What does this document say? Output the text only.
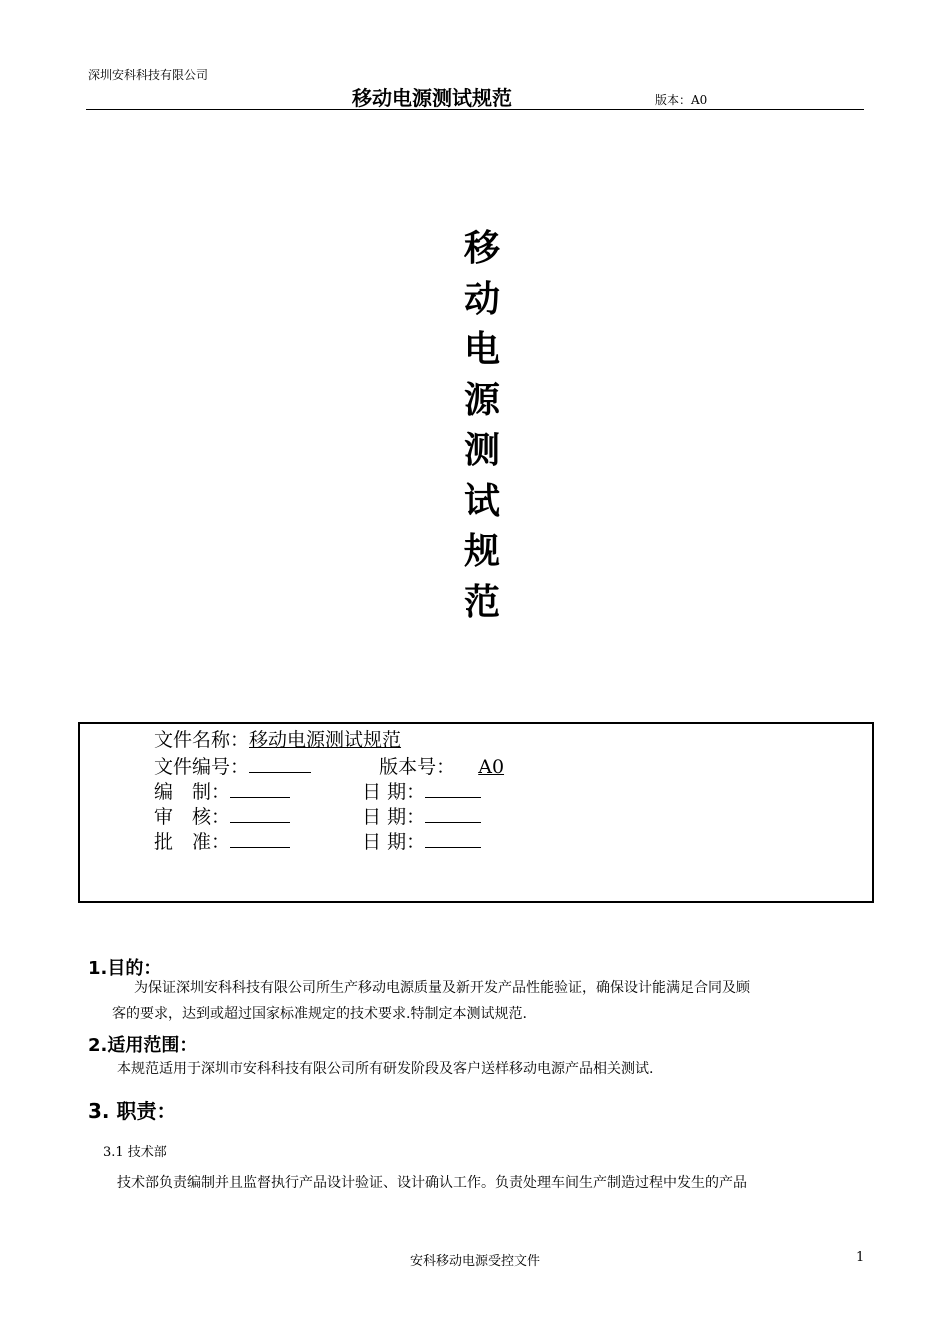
深圳安科科技有限公司
移动电源测试规范	版本：A0
移
动
电
源
测
试
规
范
文件名称：移动电源测试规范
文件编号：	版本号： A0
编　制：	日 期：
审　核：	日 期：
批　准：	日 期：
1.目的：
为保证深圳安科科技有限公司所生产移动电源质量及新开发产品性能验证，确保设计能满足合同及顾
客的要求，达到或超过国家标准规定的技术要求.特制定本测试规范.
2.适用范围：
本规范适用于深圳市安科科技有限公司所有研发阶段及客户送样移动电源产品相关测试.
3. 职责：
3.1 技术部
技术部负责编制并且监督执行产品设计验证、设计确认工作。负责处理车间生产制造过程中发生的产品
安科移动电源受控文件	1
